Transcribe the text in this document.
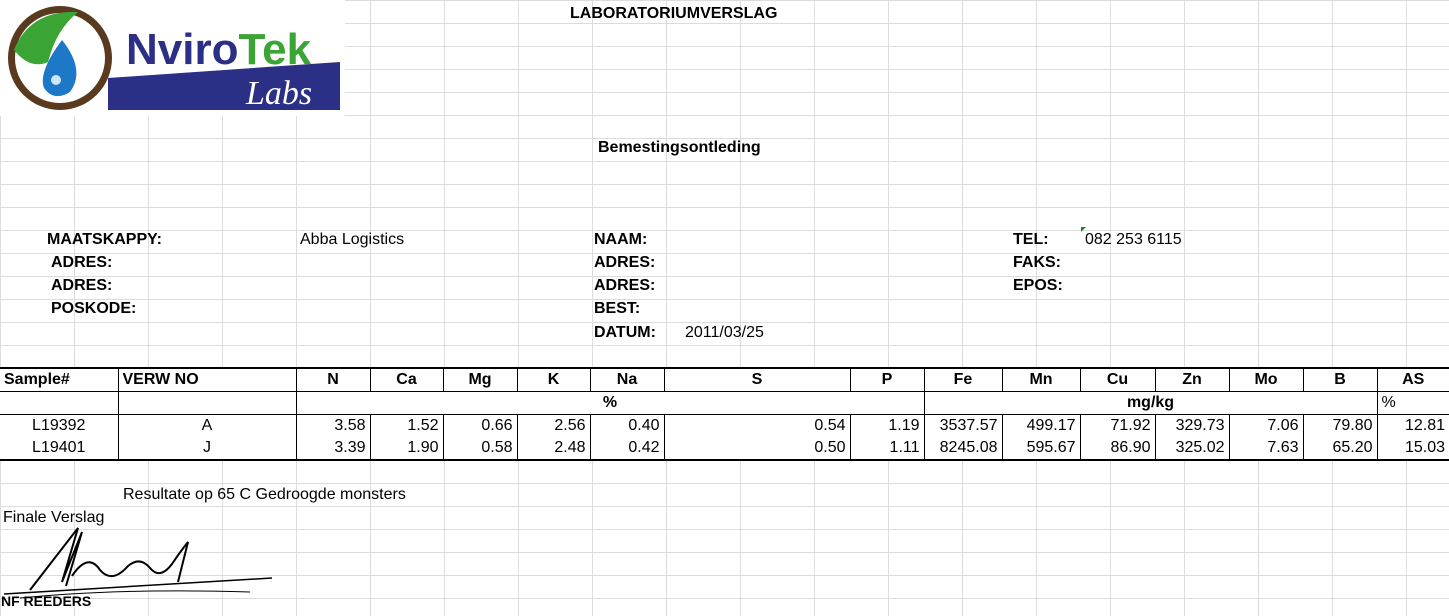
NviroTek
Labs
LABORATORIUMVERSLAG
Bemestingsontleding
MAATSKAPPY:	Abba Logistics
ADRES:
ADRES:
POSKODE:
NAAM:
ADRES:
ADRES:
BEST:
DATUM: 2011/03/25
TEL: 082 253 6115
FAKS:
EPOS:
Sample#	VERW NO	N	Ca	Mg	K	Na	S	P	Fe	Mn	Cu	Zn	Mo	B	AS
		%							mg/kg						%
L19392	A	3.58	1.52	0.66	2.56	0.40	0.54	1.19	3537.57	499.17	71.92	329.73	7.06	79.80	12.81
L19401	J	3.39	1.90	0.58	2.48	0.42	0.50	1.11	8245.08	595.67	86.90	325.02	7.63	65.20	15.03
Resultate op 65 C Gedroogde monsters
Finale Verslag
NF REEDERS
